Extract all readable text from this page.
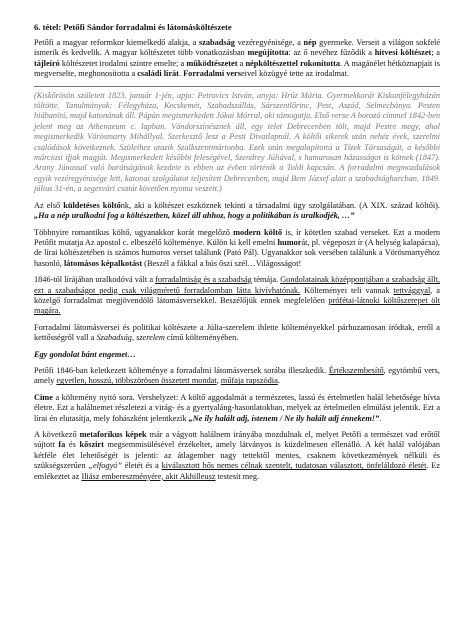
6. tétel: Petőfi Sándor forradalmi és látomásköltészete

Petőfi a magyar reformkor kiemelkedő alakja, a szabadság vezéregyénisége, a nép gyermeke. Verseit a világon sokfelé ismerik és kedvelik. A magyar költészetet több vonatkozásban megújította: az ő nevéhez fűződik a hitvesi költészet; a tájleíró költészetet irodalmi szintre emelte; a működtészetet a népköltészettel rokonította. A magánélet hétköznapjait is megverselte, meghonosította a családi lírát. Forradalmi verseivel közügyé tette az irodalmat.

(Kiskőrösön született 1823. január 1-jén, apja: Petrovics István, anyja: Hrúz Mária. Gyermekkorát Kiskunfélegyházán töltötte. Tanulmányok: Félegyháza, Kecskemét, Szabadszállás, Sárszentlőrinc, Pest, Aszód, Selmecbánya. Pesten hiábanító, majd katonának áll. Pápán megismerkedett Jókai Mórral, aki támogatja. Első verse A borozó címmel 1842-ben jelent meg az Athenaeum c. lapban. Vándorszínésznek áll, egy telet Debrecenben tölt, majd Pestre megy, ahol megismerkedik Vörösmarty Mihállyal. Szerkesztő lesz a Pesti Divatlapnál. A költői sikerek után nehéz évek, szerelmi csalódások következnek. Szüleihez utazik Szalkszentmártonba. Ezek után megalapította a Tízek Társaságát, a későbbi márciusi ifjak magját. Megismerkedett későbbi feleségével, Szendrey Júliával, s hamarosan házasságot is kötnek (1847). Arany Jánossal való barátságának kezdete is ebben az évben történik a Toldi kapcsán. A forradalmi megmozdulások egyik vezéregyénisége lett, katonai szolgálatot teljesített Debrecenben, majd Bem József alatt a szabadságharcban. 1849. július 31-én, a segesvári csatát követően nyoma veszett.)

Az első küldetéses költőnk, aki a költészet eszköznek tekinti a társadalmi ügy szolgálatában. (A XIX. század költői). „Ha a nép uralkodni fog a költészetben, közel áll ahhoz, hogy a politikában is uralkodjék, …”

Többnyire romantikus költő, ugyanakkor korát megelőző modern költő is, ír kötetlen szabad verseket. Ezt a modern Petőfit mutatja Az apostol c. elbeszélő költeménye. Külön ki kell emelni humorát, pl. végeposzt ír (A helység kalapácsa), de lírai költészetében is számos humoros verset találunk (Pató Pál). Ugyanakkor sok versében találunk a Vörösmartyéhoz hasonló, látomásos képalkotást (Beszél a fákkal a bús őszi szél…Világosságot!

1846-tól lírájában uralkodóvá vált a forradalmiság és a szabadság témája. Gondolatainak középpontjában a szabadság állt, ezt a szabadságot pedig csak világméretű forradalomban látta kivívhatónak. Költeményei teli vannak tettvággyal, a közelgő forradalmat megjövendölő látomásversekkel. Beszélőjük ennek megfelelően prófétai-látnoki költőszerepet ölt magára.

Forradalmi látomásversei és politikai költészete a Júlia-szerelem ihlette költeményekkel párhuzamosan íródtak, erről a kettősségről vall a Szabadság, szerelem című költeményében.

Egy gondolat bánt engemet…

Petőfi 1846-ban keletkezett költeménye a forradalmi látomásversek sorába illeszkedik. Értékszembesítő, egytömbű vers, amely egyetlen, hosszú, többszörösen összetett mondat, műfaja rapszódia.

Cime a költemény nyitó sora. Vershelyzet: A költő aggodalmát a természetes, lassú és értelmetlen halál lehetősége hívta életre. Ezt a halálnemet részletezi a virág- és a gyertyaláng-hasonlatokban, melyek az értelmetlen elmúlást jelentik. Ezt a lírai én elutasítja, mely fohászként jelentkezik „Ne ily halált adj, istenem / Ne ily halált adj énnekem!”.

A következő metaforikus képek már a vágyott halálnem irányába mozdulnak el, melyet Petőfi a természet vad erőtől sújtott fa és kőszirt megsemmisülésével érzékeltet, amely látványos is küzdelmesen ellenálló. A két halál valójában kétféle élet lehetőségét is jelenti: az átlagember nagy tettektől mentes, csaknem következmények nélküli és szükségszerűen „elfogyó” életét és a kiválasztott hős nemes célnak szentelt, tudatosan választott, önfeláldozó életét. Ez emlékeztet az Iliász embereszményére, akit Akhilleusz testesít meg.
